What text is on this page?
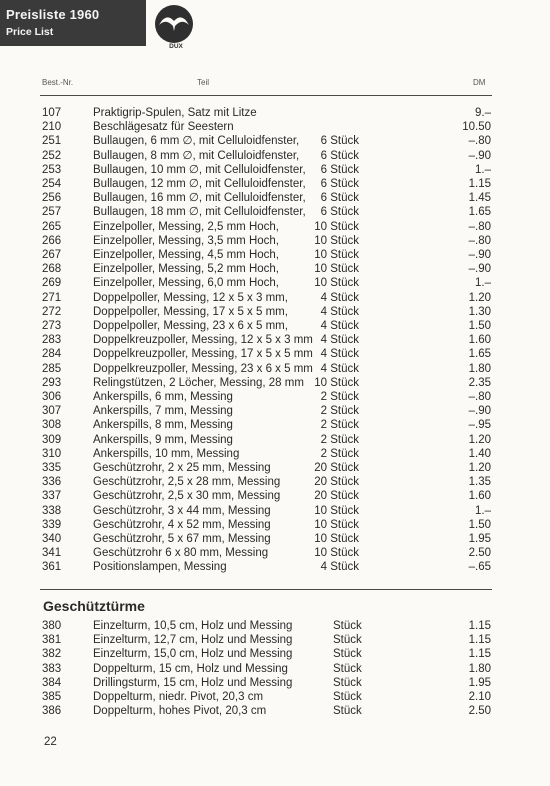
Preisliste 1960
Price List
DUX
Best.-Nr.	Teil	DM
107	Praktigrip-Spulen, Satz mit Litze	9.–
210	Beschlägesatz für Seestern	10.50
251	Bullaugen, 6 mm ∅, mit Celluloidfenster,	6 Stück	–.80
252	Bullaugen, 8 mm ∅, mit Celluloidfenster,	6 Stück	–.90
253	Bullaugen, 10 mm ∅, mit Celluloidfenster,	6 Stück	1.–
254	Bullaugen, 12 mm ∅, mit Celluloidfenster,	6 Stück	1.15
256	Bullaugen, 16 mm ∅, mit Celluloidfenster,	6 Stück	1.45
257	Bullaugen, 18 mm ∅, mit Celluloidfenster,	6 Stück	1.65
265	Einzelpoller, Messing, 2,5 mm Hoch,	10 Stück	–.80
266	Einzelpoller, Messing, 3,5 mm Hoch,	10 Stück	–.80
267	Einzelpoller, Messing, 4,5 mm Hoch,	10 Stück	–.90
268	Einzelpoller, Messing, 5,2 mm Hoch,	10 Stück	–.90
269	Einzelpoller, Messing, 6,0 mm Hoch,	10 Stück	1.–
271	Doppelpoller, Messing, 12 x 5 x 3 mm,	4 Stück	1.20
272	Doppelpoller, Messing, 17 x 5 x 5 mm,	4 Stück	1.30
273	Doppelpoller, Messing, 23 x 6 x 5 mm,	4 Stück	1.50
283	Doppelkreuzpoller, Messing, 12 x 5 x 3 mm 4 Stück	1.60
284	Doppelkreuzpoller, Messing, 17 x 5 x 5 mm 4 Stück	1.65
285	Doppelkreuzpoller, Messing, 23 x 6 x 5 mm 4 Stück	1.80
293	Relingstützen, 2 Löcher, Messing, 28 mm 10 Stück	2.35
306	Ankerspills, 6 mm, Messing	2 Stück	–.80
307	Ankerspills, 7 mm, Messing	2 Stück	–.90
308	Ankerspills, 8 mm, Messing	2 Stück	–.95
309	Ankerspills, 9 mm, Messing	2 Stück	1.20
310	Ankerspills, 10 mm, Messing	2 Stück	1.40
335	Geschützrohr, 2 x 25 mm, Messing	20 Stück	1.20
336	Geschützrohr, 2,5 x 28 mm, Messing	20 Stück	1.35
337	Geschützrohr, 2,5 x 30 mm, Messing	20 Stück	1.60
338	Geschützrohr, 3 x 44 mm, Messing	10 Stück	1.–
339	Geschützrohr, 4 x 52 mm, Messing	10 Stück	1.50
340	Geschützrohr, 5 x 67 mm, Messing	10 Stück	1.95
341	Geschützrohr 6 x 80 mm, Messing	10 Stück	2.50
361	Positionslampen, Messing	4 Stück	–.65
Geschütztürme
380	Einzelturm, 10,5 cm, Holz und Messing	Stück	1.15
381	Einzelturm, 12,7 cm, Holz und Messing	Stück	1.15
382	Einzelturm, 15,0 cm, Holz und Messing	Stück	1.15
383	Doppelturm, 15 cm, Holz und Messing	Stück	1.80
384	Drillingsturm, 15 cm, Holz und Messing	Stück	1.95
385	Doppelturm, niedr. Pivot, 20,3 cm	Stück	2.10
386	Doppelturm, hohes Pivot, 20,3 cm	Stück	2.50
22
